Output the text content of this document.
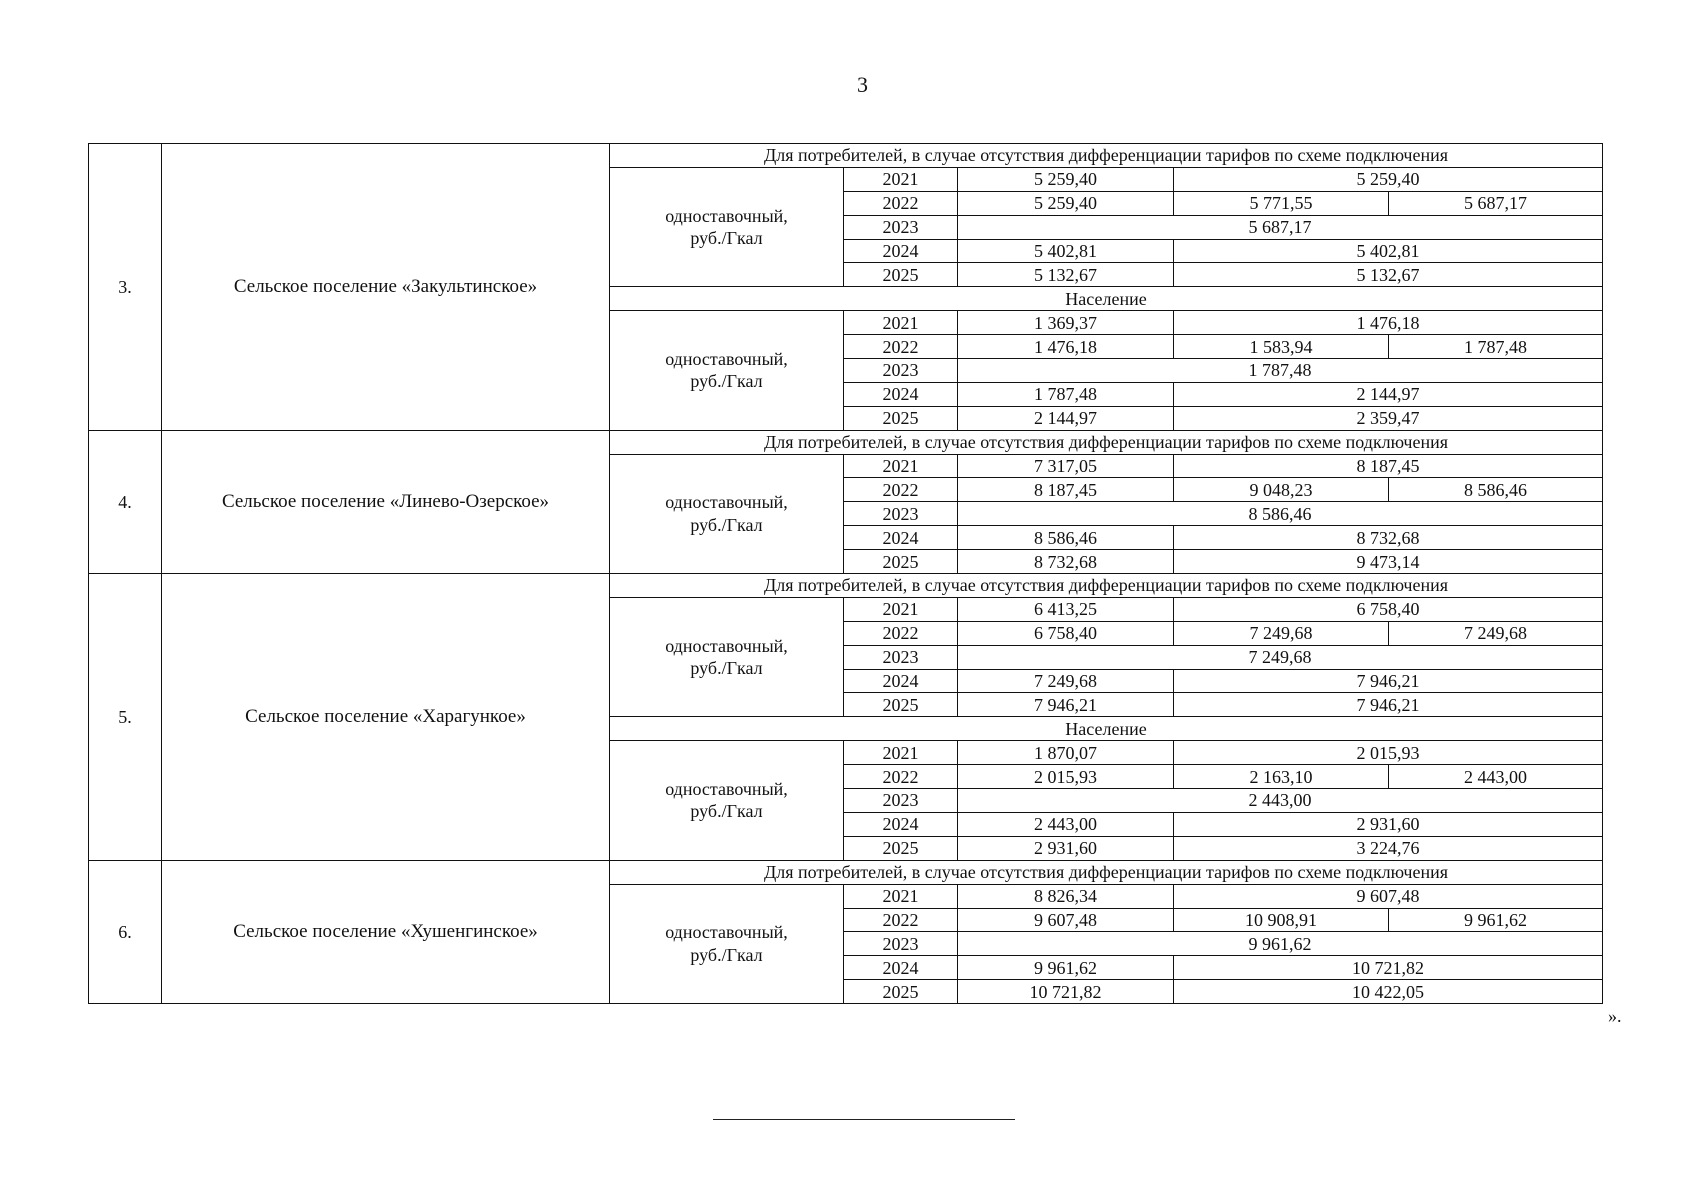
3
3.	Сельское поселение «Закультинское»	Для потребителей, в случае отсутствия дифференциации тарифов по схеме подключения				
		одноставочный,
руб./Гкал	2021	5 259,40	5 259,40	
			2022	5 259,40	5 771,55	5 687,17
			2023	5 687,17		
			2024	5 402,81	5 402,81	
			2025	5 132,67	5 132,67	
		Население				
		одноставочный,
руб./Гкал	2021	1 369,37	1 476,18	
			2022	1 476,18	1 583,94	1 787,48
			2023	1 787,48		
			2024	1 787,48	2 144,97	
			2025	2 144,97	2 359,47	
4.	Сельское поселение «Линево-Озерское»	Для потребителей, в случае отсутствия дифференциации тарифов по схеме подключения				
		одноставочный,
руб./Гкал	2021	7 317,05	8 187,45	
			2022	8 187,45	9 048,23	8 586,46
			2023	8 586,46		
			2024	8 586,46	8 732,68	
			2025	8 732,68	9 473,14	
5.	Сельское поселение «Харагункое»	Для потребителей, в случае отсутствия дифференциации тарифов по схеме подключения				
		одноставочный,
руб./Гкал	2021	6 413,25	6 758,40	
			2022	6 758,40	7 249,68	7 249,68
			2023	7 249,68		
			2024	7 249,68	7 946,21	
			2025	7 946,21	7 946,21	
		Население				
		одноставочный,
руб./Гкал	2021	1 870,07	2 015,93	
			2022	2 015,93	2 163,10	2 443,00
			2023	2 443,00		
			2024	2 443,00	2 931,60	
			2025	2 931,60	3 224,76	
6.	Сельское поселение «Хушенгинское»	Для потребителей, в случае отсутствия дифференциации тарифов по схеме подключения				
		одноставочный,
руб./Гкал	2021	8 826,34	9 607,48	
			2022	9 607,48	10 908,91	9 961,62
			2023	9 961,62		
			2024	9 961,62	10 721,82	
			2025	10 721,82	10 422,05	
».
